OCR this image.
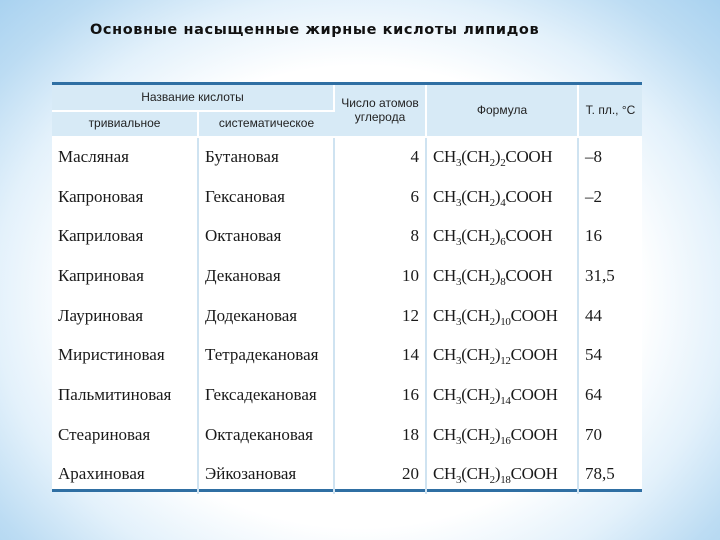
Основные насыщенные жирные кислоты липидов
Название кислоты		Число атомов углерода	Формула	Т. пл., °С
тривиальное	систематическое			
Масляная	Бутановая	4	$CH_3(CH_2)_2COOH$	–8
Капроновая	Гексановая	6	$CH_3(CH_2)_4COOH$	–2
Каприловая	Октановая	8	$CH_3(CH_2)_6COOH$	16
Каприновая	Декановая	10	$CH_3(CH_2)_8COOH$	31,5
Лауриновая	Додекановая	12	$CH_3(CH_2)_{10}COOH$	44
Миристиновая	Тетрадекановая	14	$CH_3(CH_2)_{12}COOH$	54
Пальмитиновая	Гексадекановая	16	$CH_3(CH_2)_{14}COOH$	64
Стеариновая	Октадекановая	18	$CH_3(CH_2)_{16}COOH$	70
Арахиновая	Эйкозановая	20	$CH_3(CH_2)_{18}COOH$	78,5
